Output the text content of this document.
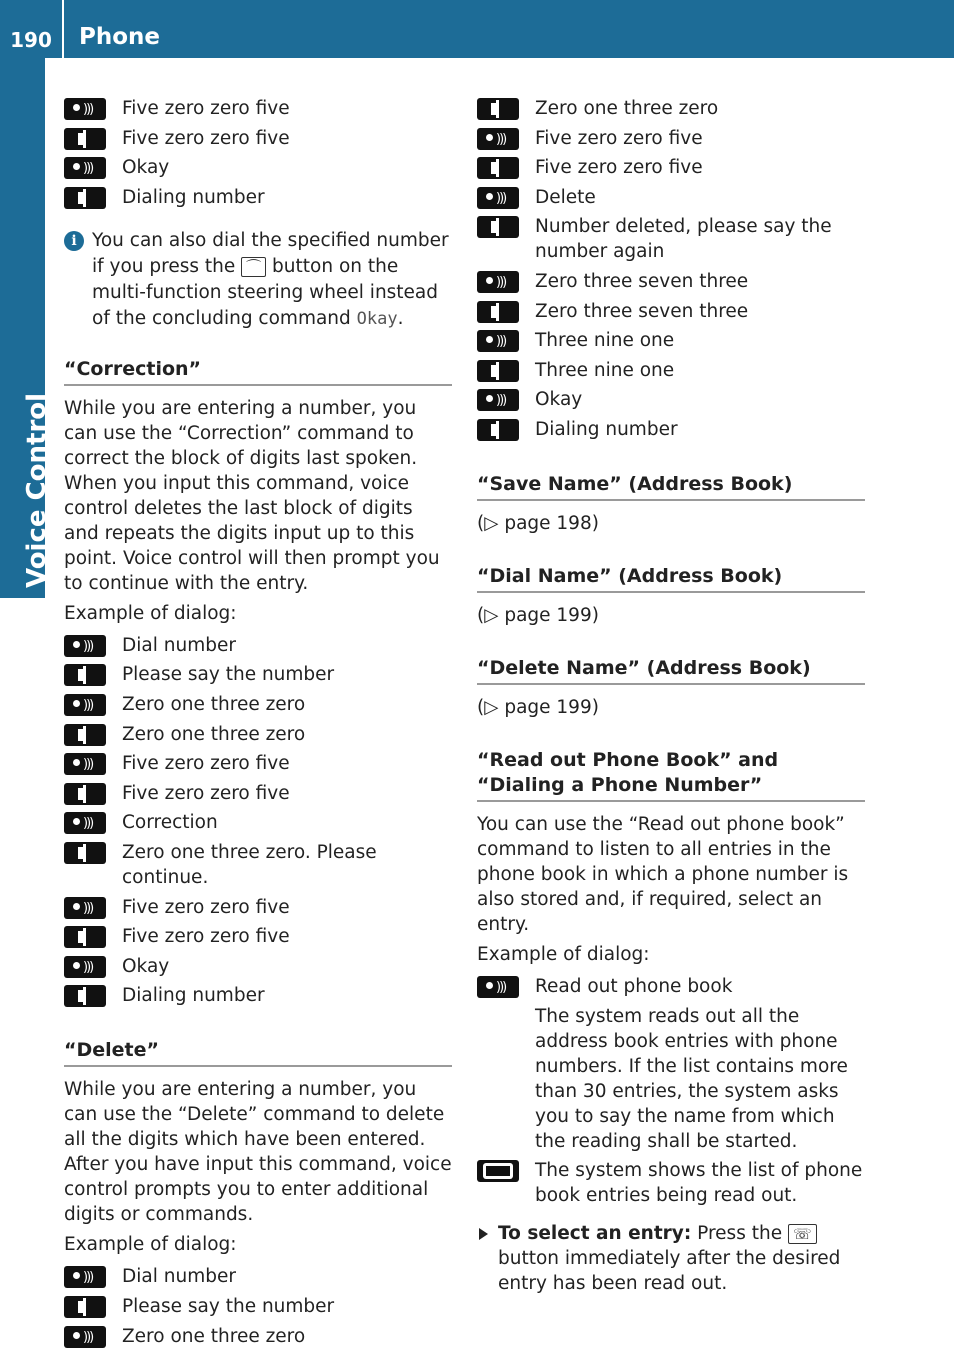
190	Phone
Voice Control
)))
Five zero zero five
Five zero zero five
)))
Okay
Dialing number
i You can also dial the specified number if you press the ⌒ button on the multi-function steering wheel instead of the concluding command Okay.
“Correction”
While you are entering a number, you can use the “Correction” command to correct the block of digits last spoken. When you input this command, voice control deletes the last block of digits and repeats the digits input up to this point. Voice control will then prompt you to continue with the entry.
Example of dialog:
)))
Dial number
Please say the number
)))
Zero one three zero
Zero one three zero
)))
Five zero zero five
Five zero zero five
)))
Correction
Zero one three zero. Please continue.
)))
Five zero zero five
Five zero zero five
)))
Okay
Dialing number
“Delete”
While you are entering a number, you can use the “Delete” command to delete all the digits which have been entered. After you have input this command, voice control prompts you to enter additional digits or commands.
Example of dialog:
)))
Dial number
Please say the number
)))
Zero one three zero
Zero one three zero
)))
Five zero zero five
Five zero zero five
)))
Delete
Number deleted, please say the number again
)))
Zero three seven three
Zero three seven three
)))
Three nine one
Three nine one
)))
Okay
Dialing number
“Save Name” (Address Book)
(▷ page 198)
“Dial Name” (Address Book)
(▷ page 199)
“Delete Name” (Address Book)
(▷ page 199)
“Read out Phone Book” and “Dialing a Phone Number”
You can use the “Read out phone book” command to listen to all entries in the phone book in which a phone number is also stored and, if required, select an entry.
Example of dialog:
)))
Read out phone book
The system reads out all the address book entries with phone numbers. If the list contains more than 30 entries, the system asks you to say the name from which the reading shall be started.
The system shows the list of phone book entries being read out.
To select an entry: Press the ☏ button immediately after the desired entry has been read out.
